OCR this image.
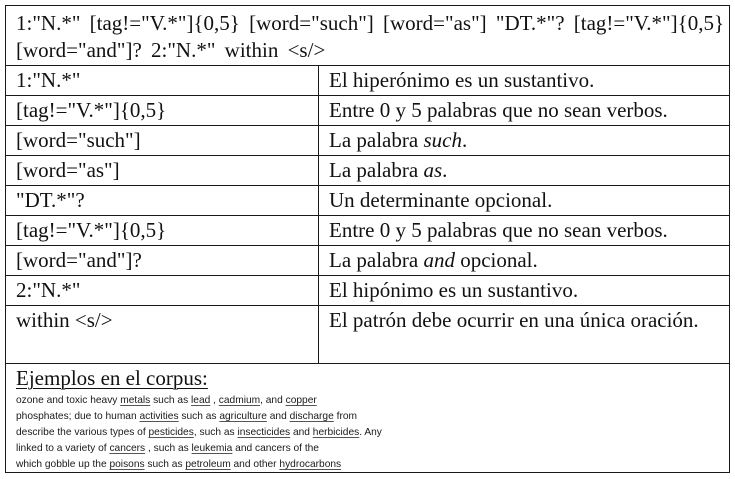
1:"N.*" [tag!="V.*"]{0,5} [word="such"] [word="as"] "DT.*"? [tag!="V.*"]{0,5}
[word="and"]? 2:"N.*" within <s/>
1:"N.*"	El hiperónimo es un sustantivo.
[tag!="V.*"]{0,5}	Entre 0 y 5 palabras que no sean verbos.
[word="such"]	La palabra such.
[word="as"]	La palabra as.
"DT.*"?	Un determinante opcional.
[tag!="V.*"]{0,5}	Entre 0 y 5 palabras que no sean verbos.
[word="and"]?	La palabra and opcional.
2:"N.*"	El hipónimo es un sustantivo.
within <s/>	El patrón debe ocurrir en una única oración.
Ejemplos en el corpus:
ozone and toxic heavy metals such as lead , cadmium, and copper
phosphates; due to human activities such as agriculture and discharge from
describe the various types of pesticides, such as insecticides and herbicides. Any
linked to a variety of cancers , such as leukemia and cancers of the
which gobble up the poisons such as petroleum and other hydrocarbons
